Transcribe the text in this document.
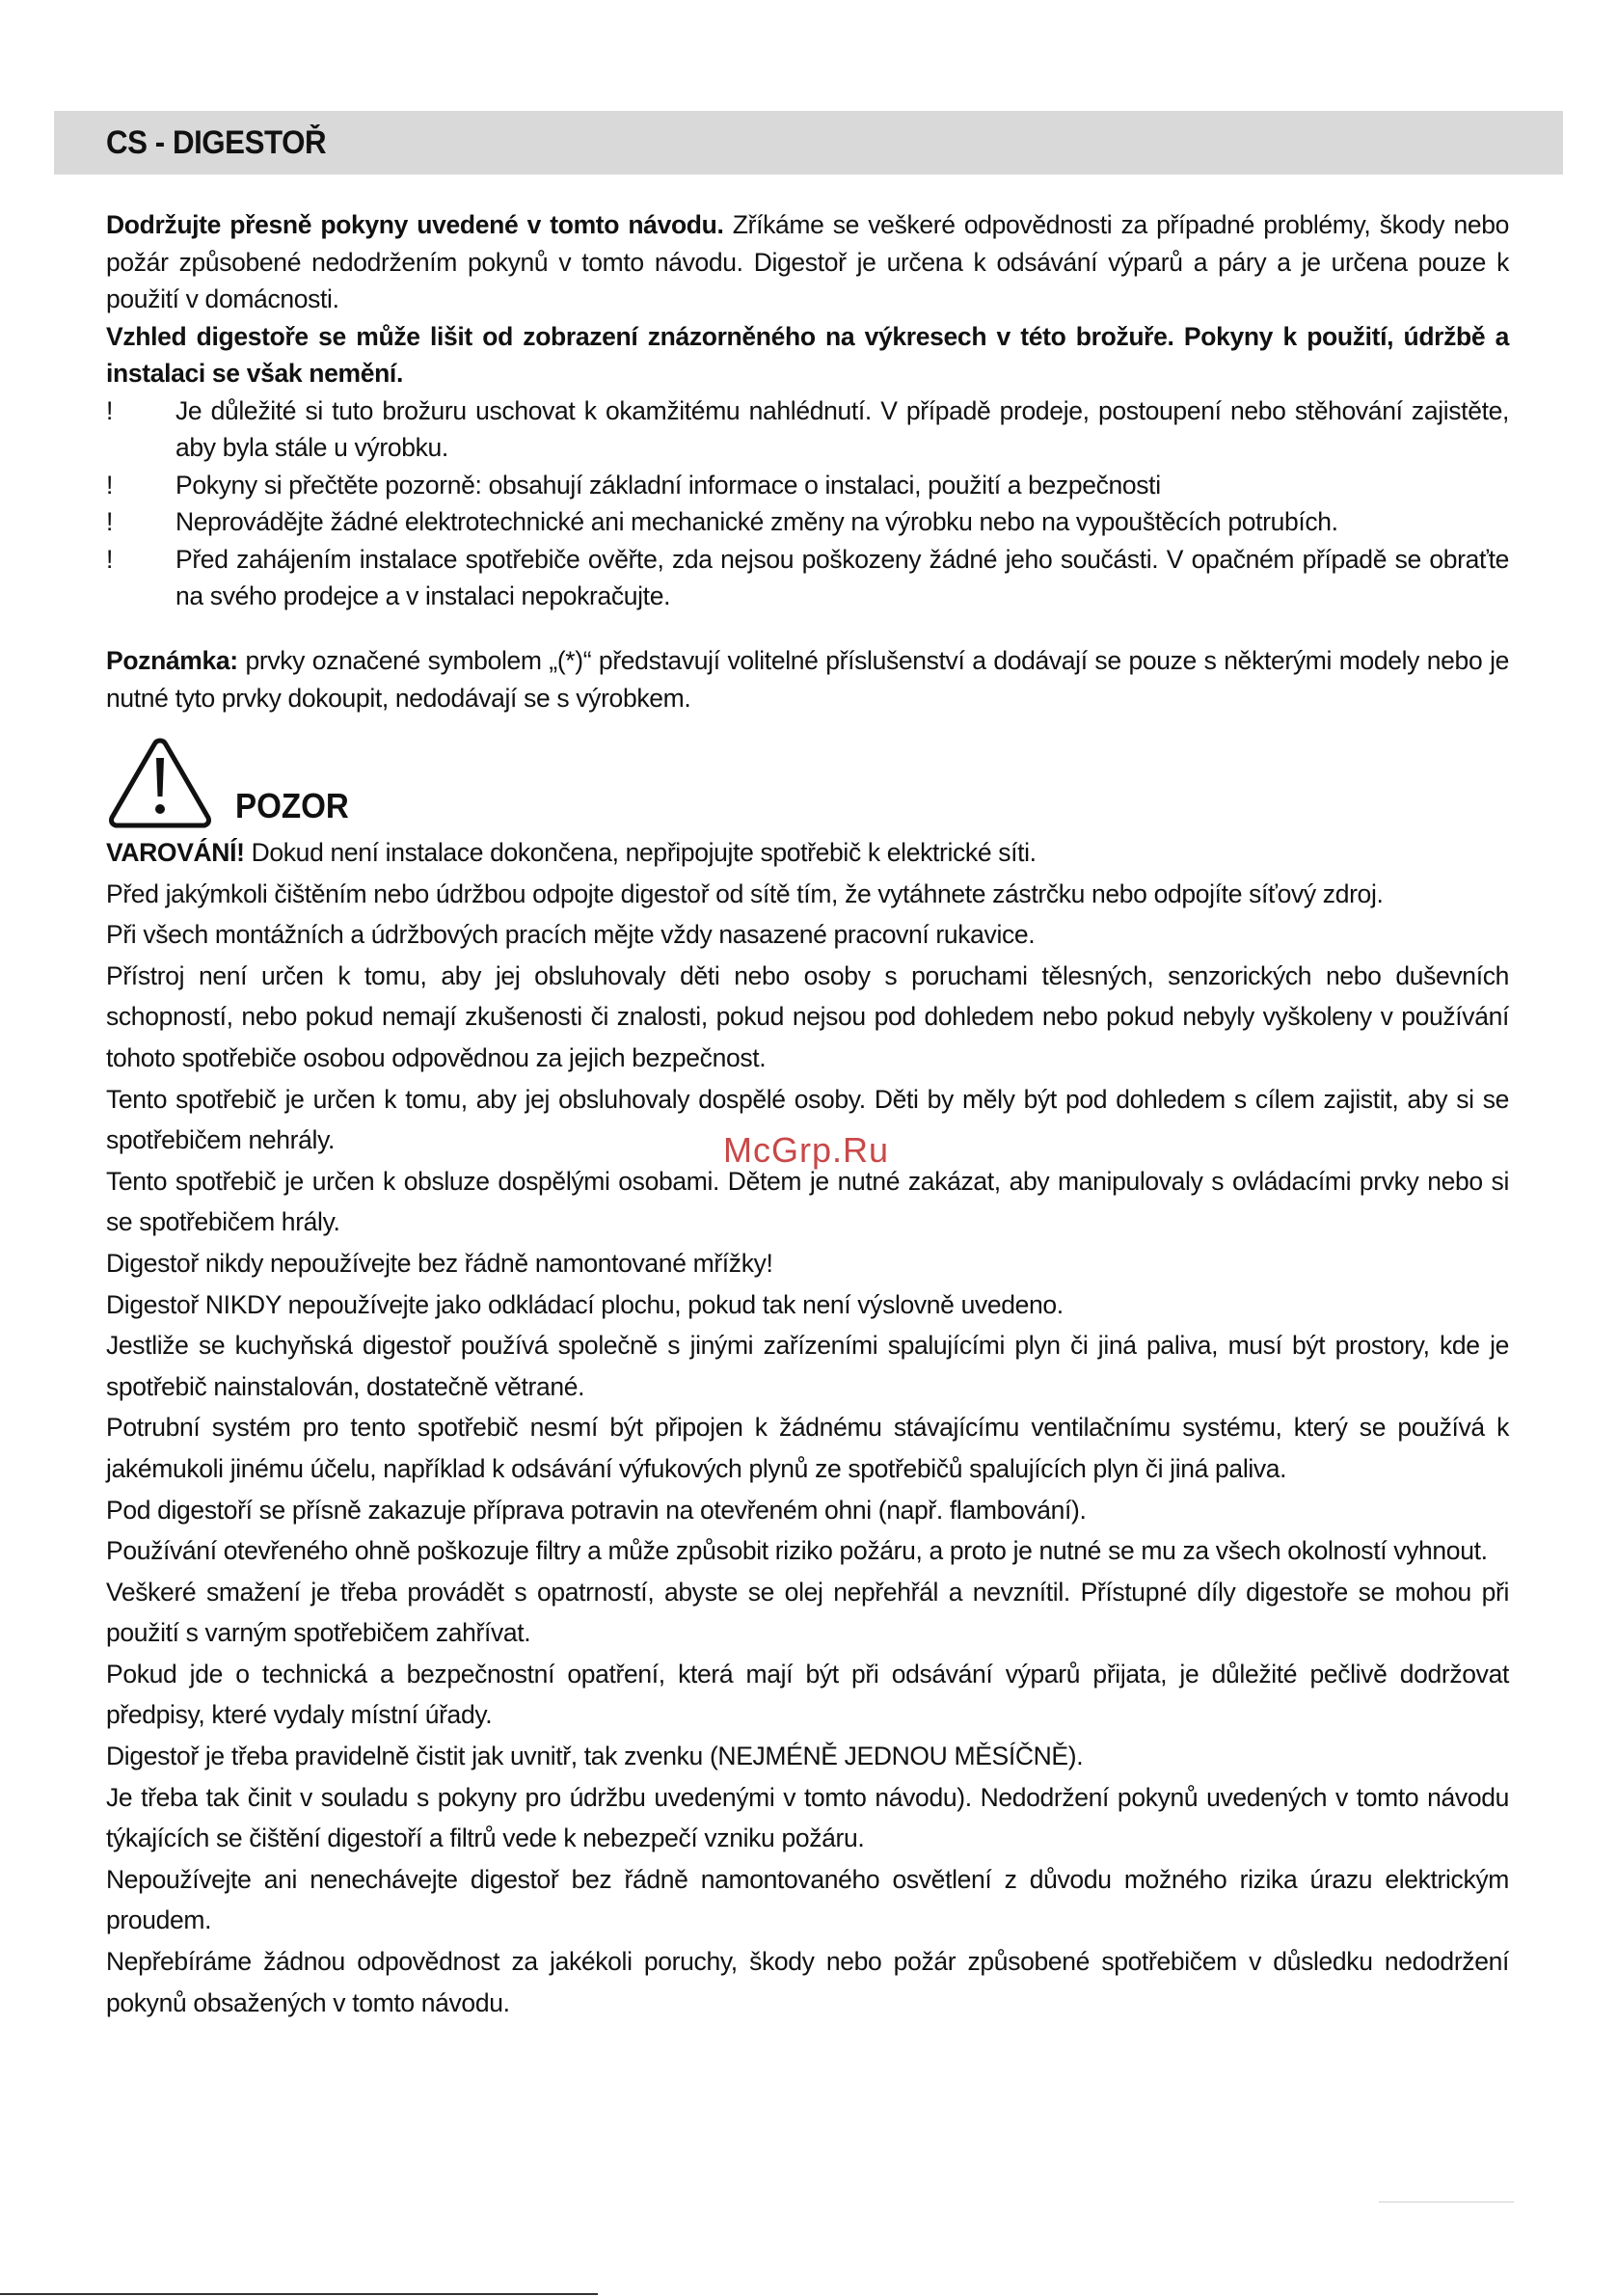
CS - DIGESTOŘ

Dodržujte přesně pokyny uvedené v tomto návodu. Zříkáme se veškeré odpovědnosti za případné problémy, škody nebo požár způsobené nedodržením pokynů v tomto návodu. Digestoř je určena k odsávání výparů a páry a je určena pouze k použití v domácnosti.

Vzhled digestoře se může lišit od zobrazení znázorněného na výkresech v této brožuře. Pokyny k použití, údržbě a instalaci se však nemění.

! Je důležité si tuto brožuru uschovat k okamžitému nahlédnutí. V případě prodeje, postoupení nebo stěhování zajistěte, aby byla stále u výrobku.
! Pokyny si přečtěte pozorně: obsahují základní informace o instalaci, použití a bezpečnosti
! Neprovádějte žádné elektrotechnické ani mechanické změny na výrobku nebo na vypouštěcích potrubích.
! Před zahájením instalace spotřebiče ověřte, zda nejsou poškozeny žádné jeho součásti. V opačném případě se obraťte na svého prodejce a v instalaci nepokračujte.

Poznámka: prvky označené symbolem „(*)“ představují volitelné příslušenství a dodávají se pouze s některými modely nebo je nutné tyto prvky dokoupit, nedodávají se s výrobkem.

POZOR

VAROVÁNÍ! Dokud není instalace dokončena, nepřipojujte spotřebič k elektrické síti.

Před jakýmkoli čištěním nebo údržbou odpojte digestoř od sítě tím, že vytáhnete zástrčku nebo odpojíte síťový zdroj.

Při všech montážních a údržbových pracích mějte vždy nasazené pracovní rukavice.

Přístroj není určen k tomu, aby jej obsluhovaly děti nebo osoby s poruchami tělesných, senzorických nebo duševních schopností, nebo pokud nemají zkušenosti či znalosti, pokud nejsou pod dohledem nebo pokud nebyly vyškoleny v používání tohoto spotřebiče osobou odpovědnou za jejich bezpečnost.

Tento spotřebič je určen k tomu, aby jej obsluhovaly dospělé osoby. Děti by měly být pod dohledem s cílem zajistit, aby si se spotřebičem nehrály.

Tento spotřebič je určen k obsluze dospělými osobami. Dětem je nutné zakázat, aby manipulovaly s ovládacími prvky nebo si se spotřebičem hrály.

Digestoř nikdy nepoužívejte bez řádně namontované mřížky!

Digestoř NIKDY nepoužívejte jako odkládací plochu, pokud tak není výslovně uvedeno.

Jestliže se kuchyňská digestoř používá společně s jinými zařízeními spalujícími plyn či jiná paliva, musí být prostory, kde je spotřebič nainstalován, dostatečně větrané.

Potrubní systém pro tento spotřebič nesmí být připojen k žádnému stávajícímu ventilačnímu systému, který se používá k jakémukoli jinému účelu, například k odsávání výfukových plynů ze spotřebičů spalujících plyn či jiná paliva.

Pod digestoří se přísně zakazuje příprava potravin na otevřeném ohni (např. flambování).

Používání otevřeného ohně poškozuje filtry a může způsobit riziko požáru, a proto je nutné se mu za všech okolností vyhnout.

Veškeré smažení je třeba provádět s opatrností, abyste se olej nepřehřál a nevznítil. Přístupné díly digestoře se mohou při použití s varným spotřebičem zahřívat.

Pokud jde o technická a bezpečnostní opatření, která mají být při odsávání výparů přijata, je důležité pečlivě dodržovat předpisy, které vydaly místní úřady.

Digestoř je třeba pravidelně čistit jak uvnitř, tak zvenku (NEJMÉNĚ JEDNOU MĚSÍČNĚ).

Je třeba tak činit v souladu s pokyny pro údržbu uvedenými v tomto návodu). Nedodržení pokynů uvedených v tomto návodu týkajících se čištění digestoří a filtrů vede k nebezpečí vzniku požáru.

Nepoužívejte ani nenechávejte digestoř bez řádně namontovaného osvětlení z důvodu možného rizika úrazu elektrickým proudem.

Nepřebíráme žádnou odpovědnost za jakékoli poruchy, škody nebo požár způsobené spotřebičem v důsledku nedodržení pokynů obsažených v tomto návodu.

McGrp.Ru
